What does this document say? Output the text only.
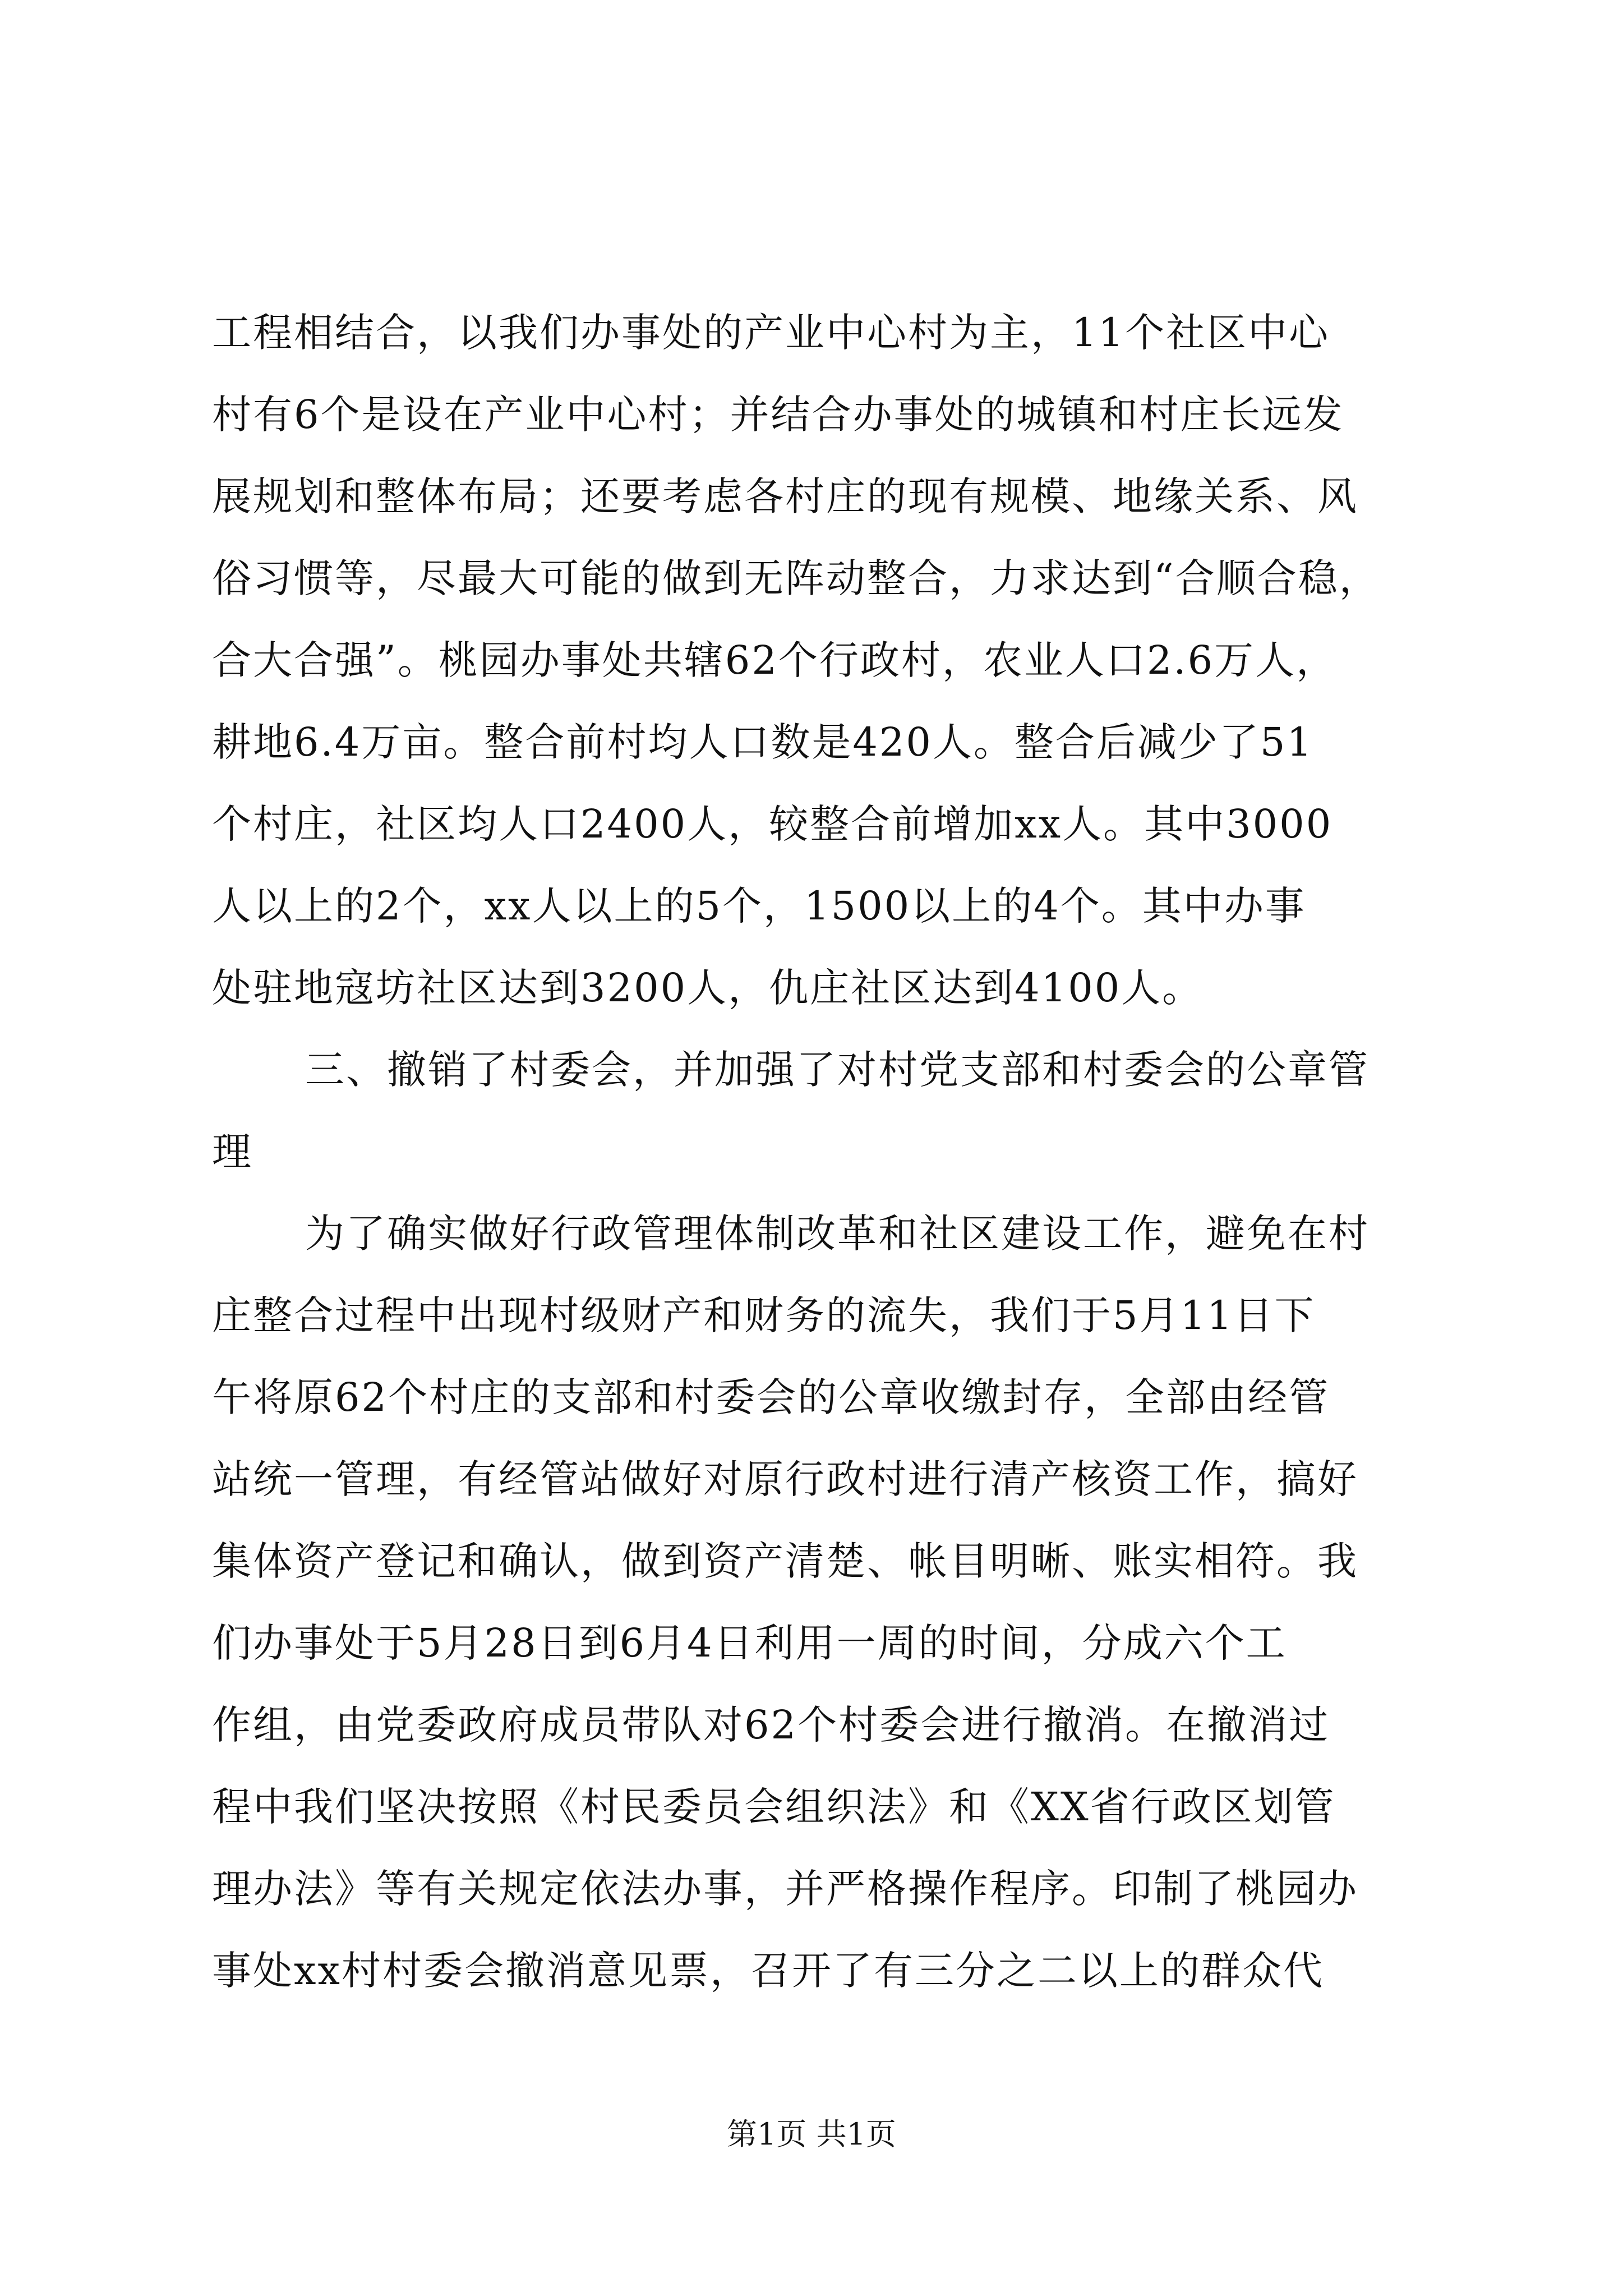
工程相结合，以我们办事处的产业中心村为主，11个社区中心
村有6个是设在产业中心村；并结合办事处的城镇和村庄长远发
展规划和整体布局；还要考虑各村庄的现有规模、地缘关系、风
俗习惯等，尽最大可能的做到无阵动整合，力求达到“合顺合稳，
合大合强”。桃园办事处共辖62个行政村，农业人口2.6万人，
耕地6.4万亩。整合前村均人口数是420人。整合后减少了51
个村庄，社区均人口2400人，较整合前增加xx人。其中3000
人以上的2个，xx人以上的5个，1500以上的4个。其中办事
处驻地寇坊社区达到3200人，仇庄社区达到4100人。
三、撤销了村委会，并加强了对村党支部和村委会的公章管
理
为了确实做好行政管理体制改革和社区建设工作，避免在村
庄整合过程中出现村级财产和财务的流失，我们于5月11日下
午将原62个村庄的支部和村委会的公章收缴封存，全部由经管
站统一管理，有经管站做好对原行政村进行清产核资工作，搞好
集体资产登记和确认，做到资产清楚、帐目明晰、账实相符。我
们办事处于5月28日到6月4日利用一周的时间，分成六个工
作组，由党委政府成员带队对62个村委会进行撤消。在撤消过
程中我们坚决按照《村民委员会组织法》和《XX省行政区划管
理办法》等有关规定依法办事，并严格操作程序。印制了桃园办
事处xx村村委会撤消意见票，召开了有三分之二以上的群众代
第1页 共1页
